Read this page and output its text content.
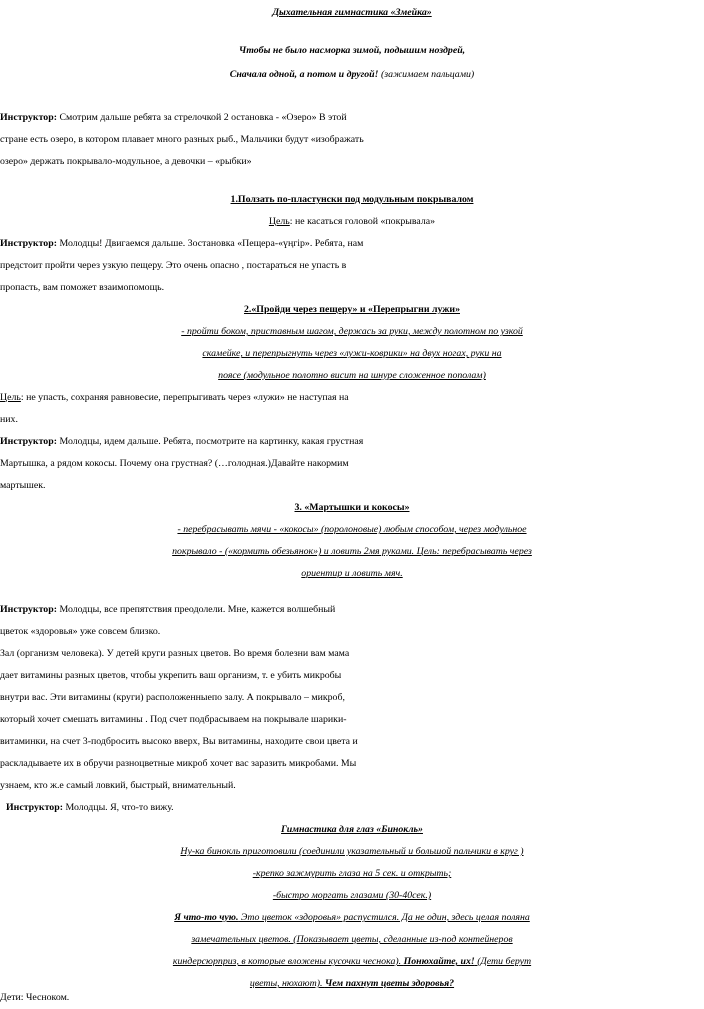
Дыхательная гимнастика «Змейка»
Чтобы не было насморка зимой, подышим ноздрей,
Сначала одной, а потом и другой! (зажимаем пальцами)
Инструктор: Смотрим дальше ребята за стрелочкой 2 остановка - «Озеро» В этой
стране есть озеро, в котором плавает много разных рыб., Мальчики будут «изображать
озеро» держать покрывало-модульное, а девочки – «рыбки»
1.Ползать по-пластунски под модульным покрывалом
Цель: не касаться головой «покрывала»
Инструктор: Молодцы! Двигаемся дальше. 3остановка «Пещера-«үңгір». Ребята, нам
предстоит пройти через узкую пещеру. Это очень опасно , постараться не упасть в
пропасть, вам поможет взаимопомощь.
2.«Пройди через пещеру» и «Перепрыгни лужи»
- пройти боком, приставным шагом, держась за руки, между полотном по узкой
скамейке, и перепрыгнуть через «лужи-коврики» на двух ногах, руки на
поясе (модульное полотно висит на шнуре сложенное пополам)
Цель: не упасть, сохраняя равновесие, перепрыгивать через «лужи» не наступая на
них.
Инструктор: Молодцы, идем дальше. Ребята, посмотрите на картинку, какая грустная
Мартышка, а рядом кокосы. Почему она грустная? (…голодная.)Давайте накормим
мартышек.
3. «Мартышки и кокосы»
- перебрасывать мячи - «кокосы» (поролоновые) любым способом, через модульное
покрывало - («кормить обезьянок») и ловить 2мя руками. Цель: перебрасывать через
ориентир и ловить мяч.
Инструктор: Молодцы, все препятствия преодолели. Мне, кажется волшебный
цветок «здоровья» уже совсем близко.
Зал (организм человека). У детей круги разных цветов. Во время болезни вам мама
дает витамины разных цветов, чтобы укрепить ваш организм, т. е убить микробы
внутри вас. Эти витамины (круги) расположенныепо залу. А покрывало – микроб,
который хочет смешать витамины . Под счет подбрасываем на покрывале шарики-
витаминки, на счет 3-подбросить высоко вверх, Вы витамины, находите свои цвета и
раскладываете их в обручи разноцветные микроб хочет вас заразить микробами. Мы
узнаем, кто ж.е самый ловкий, быстрый, внимательный.
Инструктор: Молодцы. Я, что-то вижу.
Гимнастика для глаз «Бинокль»
Ну-ка бинокль приготовили (соединили указательный и большой пальчики в круг )
-крепко зажмурить глаза на 5 сек. и открыть;
-быстро моргать глазами (30-40сек.)
Я что-то чую. Это цветок «здоровья» распустился. Да не один, здесь целая поляна
замечательных цветов. (Показывает цветы, сделанные из-под контейнеров
киндерсюрприз, в которые вложены кусочки чеснока). Понюхайте, их! (Дети берут
цветы, нюхают). Чем пахнут цветы здоровья?
Дети: Чесноком.
